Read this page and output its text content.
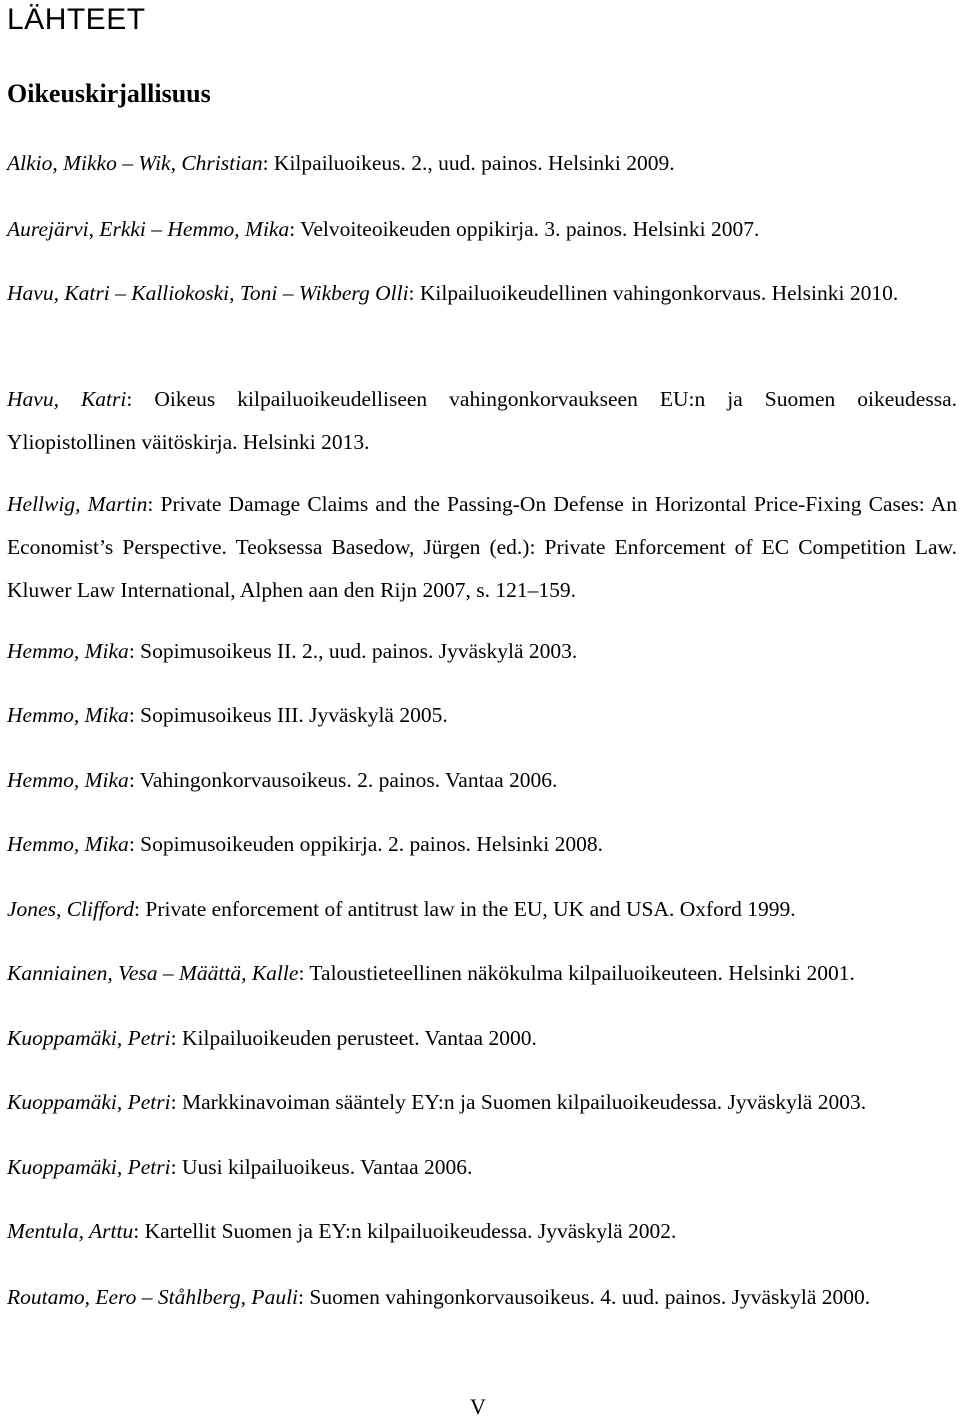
LÄHTEET
Oikeuskirjallisuus
Alkio, Mikko – Wik, Christian: Kilpailuoikeus. 2., uud. painos. Helsinki 2009.
Aurejärvi, Erkki – Hemmo, Mika: Velvoiteoikeuden oppikirja. 3. painos. Helsinki 2007.
Havu, Katri – Kalliokoski, Toni – Wikberg Olli: Kilpailuoikeudellinen vahingonkorvaus. Helsinki 2010.
Havu, Katri: Oikeus kilpailuoikeudelliseen vahingonkorvaukseen EU:n ja Suomen oikeudessa. Yliopistollinen väitöskirja. Helsinki 2013.
Hellwig, Martin: Private Damage Claims and the Passing-On Defense in Horizontal Price-Fixing Cases: An Economist’s Perspective. Teoksessa Basedow, Jürgen (ed.): Private Enforcement of EC Competition Law. Kluwer Law International, Alphen aan den Rijn 2007, s. 121–159.
Hemmo, Mika: Sopimusoikeus II. 2., uud. painos. Jyväskylä 2003.
Hemmo, Mika: Sopimusoikeus III. Jyväskylä 2005.
Hemmo, Mika: Vahingonkorvausoikeus. 2. painos. Vantaa 2006.
Hemmo, Mika: Sopimusoikeuden oppikirja. 2. painos. Helsinki 2008.
Jones, Clifford: Private enforcement of antitrust law in the EU, UK and USA. Oxford 1999.
Kanniainen, Vesa – Määttä, Kalle: Taloustieteellinen näkökulma kilpailuoikeuteen. Helsinki 2001.
Kuoppamäki, Petri: Kilpailuoikeuden perusteet. Vantaa 2000.
Kuoppamäki, Petri: Markkinavoiman sääntely EY:n ja Suomen kilpailuoikeudessa. Jyväskylä 2003.
Kuoppamäki, Petri: Uusi kilpailuoikeus. Vantaa 2006.
Mentula, Arttu: Kartellit Suomen ja EY:n kilpailuoikeudessa. Jyväskylä 2002.
Routamo, Eero – Ståhlberg, Pauli: Suomen vahingonkorvausoikeus. 4. uud. painos. Jyväskylä 2000.
V
